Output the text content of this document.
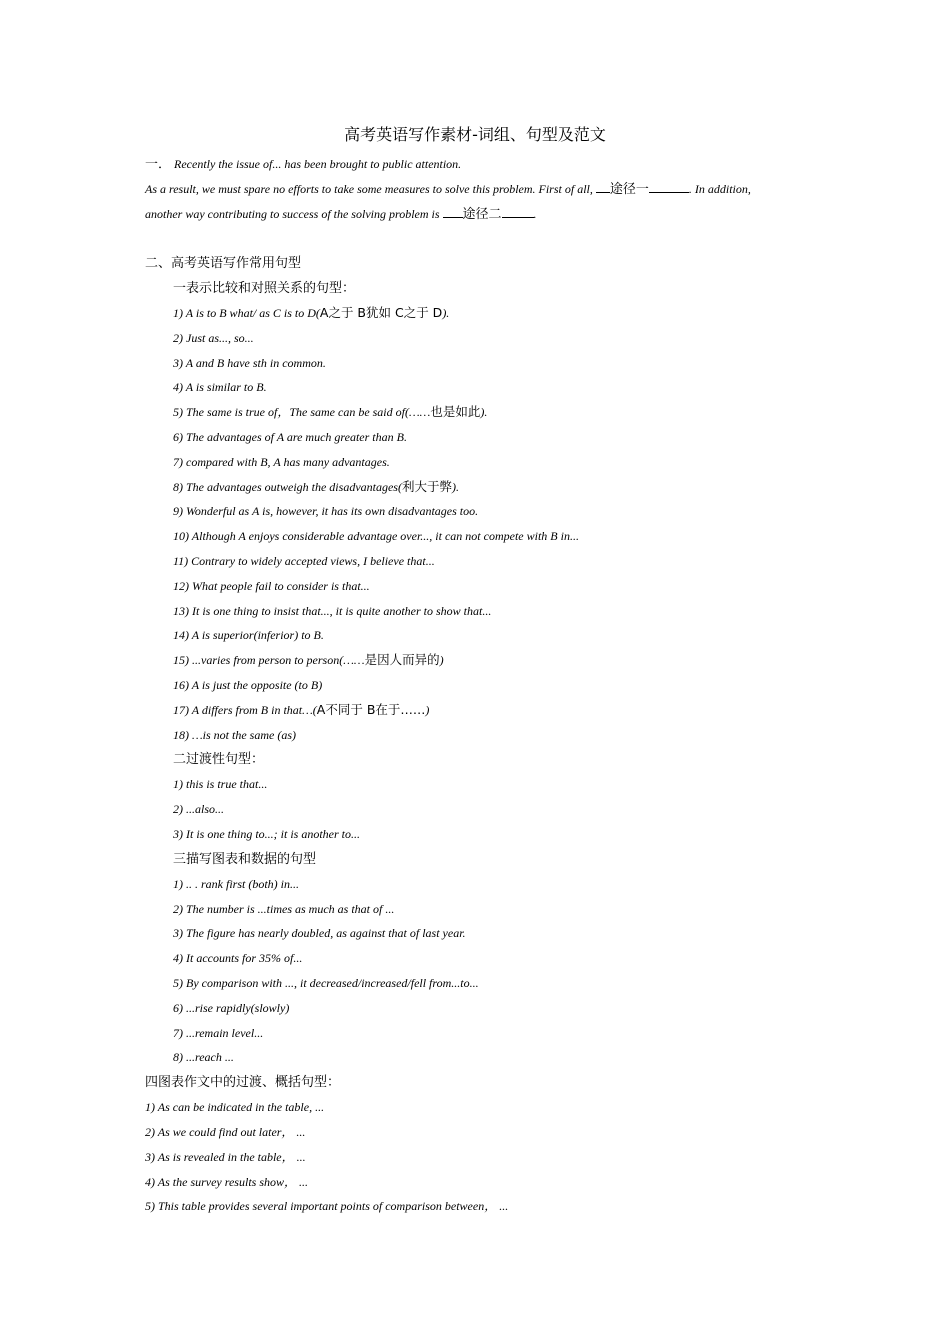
高考英语写作素材-词组、句型及范文
一． Recently the issue of... has been brought to public attention.
As a result, we must spare no efforts to take some measures to solve this problem. First of all, 途径一	. In addition,
another way contributing to success of the solving problem is 途径二	.
二、高考英语写作常用句型
一表示比较和对照关系的句型：
1) A is to B what/ as C is to D(A之于 B犹如 C之于 D).
2) Just as..., so...
3) A and B have sth in common.
4) A is similar to B.
5) The same is true of，The same can be said of(……也是如此).
6) The advantages of A are much greater than B.
7) compared with B, A has many advantages.
8) The advantages outweigh the disadvantages(利大于弊).
9) Wonderful as A is, however, it has its own disadvantages too.
10) Although A enjoys considerable advantage over..., it can not compete with B in...
11) Contrary to widely accepted views, I believe that...
12) What people fail to consider is that...
13) It is one thing to insist that..., it is quite another to show that...
14) A is superior(inferior) to B.
15) ...varies from person to person(……是因人而异的)
16) A is just the opposite (to B)
17) A differs from B in that…(A不同于 B在于……)
18) …is not the same (as)
二过渡性句型：
1) this is true that...
2) ...also...
3) It is one thing to...; it is another to...
三描写图表和数据的句型
1) .. . rank first (both) in...
2) The number is ...times as much as that of ...
3) The figure has nearly doubled, as against that of last year.
4) It accounts for 35% of...
5) By comparison with ..., it decreased/increased/fell from...to...
6) ...rise rapidly(slowly)
7) ...remain level...
8) ...reach ...
四图表作文中的过渡、概括句型：
1) As can be indicated in the table, ...
2) As we could find out later， ...
3) As is revealed in the table， ...
4) As the survey results show， ...
5) This table provides several important points of comparison between， ...
